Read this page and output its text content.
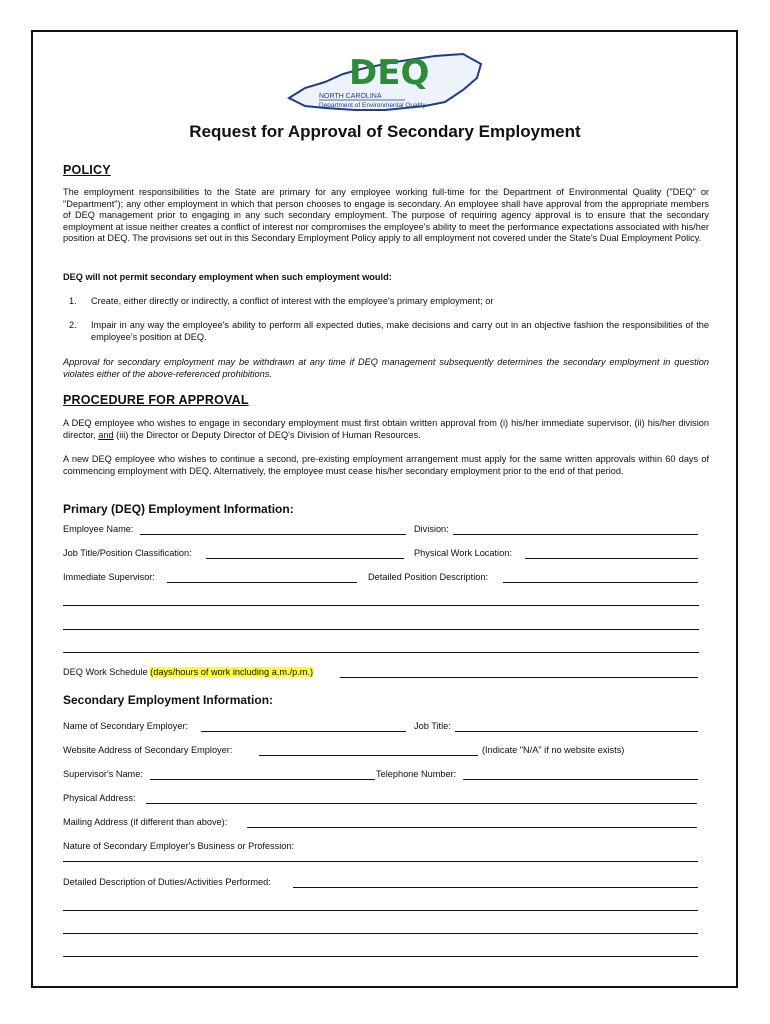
DEQ
NORTH CAROLINA
Department of Environmental Quality
Request for Approval of Secondary Employment
POLICY
The employment responsibilities to the State are primary for any employee working full-time for the Department of Environmental Quality ("DEQ" or "Department"); any other employment in which that person chooses to engage is secondary. An employee shall have approval from the appropriate members of DEQ management prior to engaging in any such secondary employment. The purpose of requiring agency approval is to ensure that the secondary employment at issue neither creates a conflict of interest nor compromises the employee's ability to meet the performance expectations associated with his/her position at DEQ. The provisions set out in this Secondary Employment Policy apply to all employment not covered under the State's Dual Employment Policy.
DEQ will not permit secondary employment when such employment would:
1. Create, either directly or indirectly, a conflict of interest with the employee's primary employment; or
2. Impair in any way the employee's ability to perform all expected duties, make decisions and carry out in an objective fashion the responsibilities of the employee's position at DEQ.
Approval for secondary employment may be withdrawn at any time if DEQ management subsequently determines the secondary employment in question violates either of the above-referenced prohibitions.
PROCEDURE FOR APPROVAL
A DEQ employee who wishes to engage in secondary employment must first obtain written approval from (i) his/her immediate supervisor, (ii) his/her division director, and (iii) the Director or Deputy Director of DEQ's Division of Human Resources.
A new DEQ employee who wishes to continue a second, pre-existing employment arrangement must apply for the same written approvals within 60 days of commencing employment with DEQ. Alternatively, the employee must cease his/her secondary employment prior to the end of that period.
Primary (DEQ) Employment Information:
Employee Name:	Division:
Job Title/Position Classification:	Physical Work Location:
Immediate Supervisor:	Detailed Position Description:
DEQ Work Schedule (days/hours of work including a.m./p.m.)
Secondary Employment Information:
Name of Secondary Employer:	Job Title:
Website Address of Secondary Employer:	(Indicate "N/A" if no website exists)
Supervisor's Name:	Telephone Number:
Physical Address:
Mailing Address (if different than above):
Nature of Secondary Employer's Business or Profession:
Detailed Description of Duties/Activities Performed:
